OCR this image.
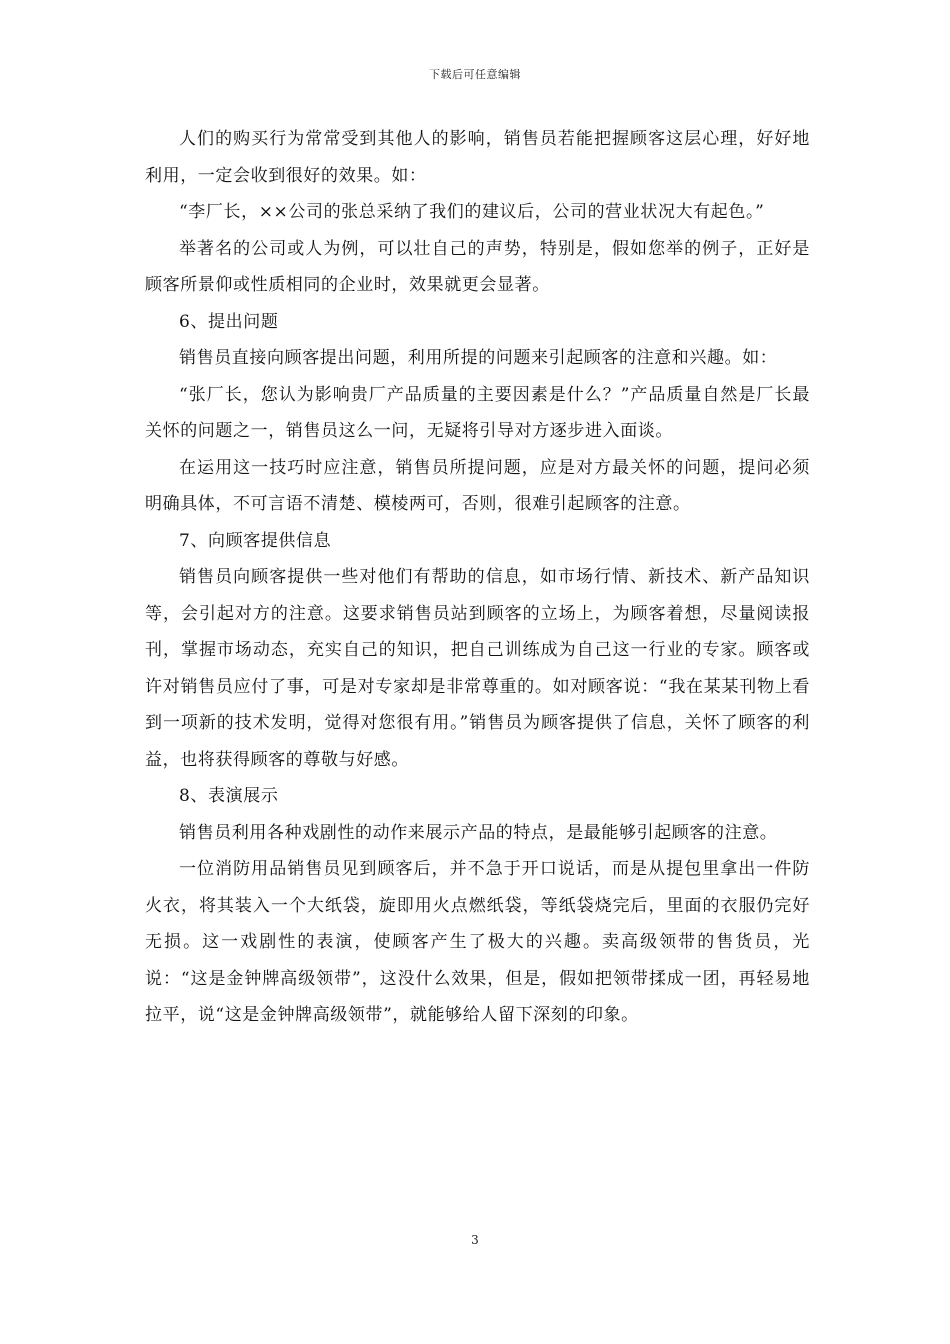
下载后可任意编辑

人们的购买行为常常受到其他人的影响，销售员若能把握顾客这层心理，好好地利用，一定会收到很好的效果。如：

“李厂长，××公司的张总采纳了我们的建议后，公司的营业状况大有起色。”

举著名的公司或人为例，可以壮自己的声势，特别是，假如您举的例子，正好是顾客所景仰或性质相同的企业时，效果就更会显著。

6、提出问题

销售员直接向顾客提出问题，利用所提的问题来引起顾客的注意和兴趣。如：

“张厂长，您认为影响贵厂产品质量的主要因素是什么？”产品质量自然是厂长最关怀的问题之一，销售员这么一问，无疑将引导对方逐步进入面谈。

在运用这一技巧时应注意，销售员所提问题，应是对方最关怀的问题，提问必须明确具体，不可言语不清楚、模棱两可，否则，很难引起顾客的注意。

7、向顾客提供信息

销售员向顾客提供一些对他们有帮助的信息，如市场行情、新技术、新产品知识等，会引起对方的注意。这要求销售员站到顾客的立场上，为顾客着想，尽量阅读报刊，掌握市场动态，充实自己的知识，把自己训练成为自己这一行业的专家。顾客或许对销售员应付了事，可是对专家却是非常尊重的。如对顾客说：“我在某某刊物上看到一项新的技术发明，觉得对您很有用。”销售员为顾客提供了信息，关怀了顾客的利益，也将获得顾客的尊敬与好感。

8、表演展示

销售员利用各种戏剧性的动作来展示产品的特点，是最能够引起顾客的注意。

一位消防用品销售员见到顾客后，并不急于开口说话，而是从提包里拿出一件防火衣，将其装入一个大纸袋，旋即用火点燃纸袋，等纸袋烧完后，里面的衣服仍完好无损。这一戏剧性的表演，使顾客产生了极大的兴趣。卖高级领带的售货员，光说：“这是金钟牌高级领带”，这没什么效果，但是，假如把领带揉成一团，再轻易地拉平，说“这是金钟牌高级领带”，就能够给人留下深刻的印象。

3
